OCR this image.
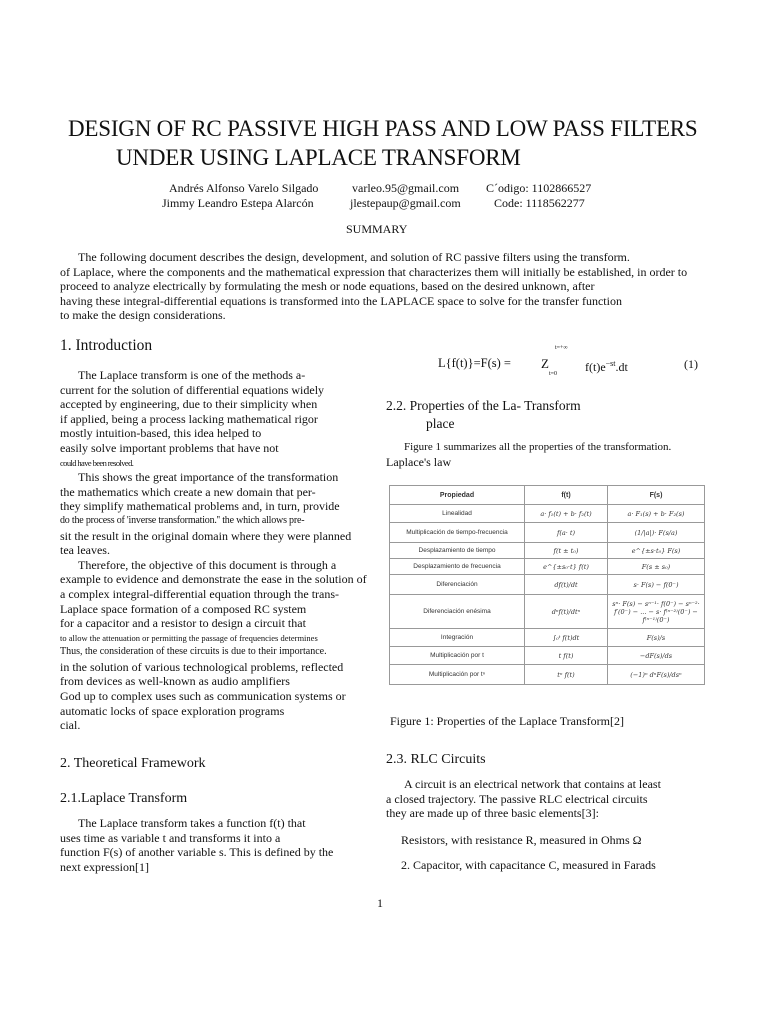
DESIGN OF RC PASSIVE HIGH PASS AND LOW PASS FILTERS
UNDER USING LAPLACE TRANSFORM
Andrés Alfonso Varelo Silgado	varleo.95@gmail.com C´odigo: 1102866527
Jimmy Leandro Estepa Alarcón	jlestepaup@gmail.com	Code: 1118562277
SUMMARY
The following document describes the design, development, and solution of RC passive filters using the transform.
of Laplace, where the components and the mathematical expression that characterizes them will initially be established, in order to
proceed to analyze electrically by formulating the mesh or node equations, based on the desired unknown, after
having these integral-differential equations is transformed into the LAPLACE space to solve for the transfer function
to make the design considerations.
1. Introduction
The Laplace transform is one of the methods a-
current for the solution of differential equations widely
accepted by engineering, due to their simplicity when
if applied, being a process lacking mathematical rigor
mostly intuition-based, this idea helped to
easily solve important problems that have not
could have been resolved.
This shows the great importance of the transformation
the mathematics which create a new domain that per-
they simplify mathematical problems and, in turn, provide
do the process of 'inverse transformation.'' the which allows pre-
sit the result in the original domain where they were planned
tea leaves.
Therefore, the objective of this document is through a
example to evidence and demonstrate the ease in the solution of
a complex integral-differential equation through the trans-
Laplace space formation of a composed RC system
for a capacitor and a resistor to design a circuit that
to allow the attenuation or permitting the passage of frequencies determines
Thus, the consideration of these circuits is due to their importance.
in the solution of various technological problems, reflected
from devices as well-known as audio amplifiers
God up to complex uses such as communication systems or
automatic locks of space exploration programs
cial.
2. Theoretical Framework
2.1.Laplace Transform
The Laplace transform takes a function f(t) that
uses time as variable t and transforms it into a
function F(s) of another variable s. This is defined by the
next expression[1]
L{f(t)}=F(s) =
t=+∞
Z
t=0 $f(t)e^{-st}.dt$	(1)
2.2. Properties of the La- Transform
place
Figure 1 summarizes all the properties of the transformation.
Laplace's law
Propiedad	f(t)	F(s)
Linealidad	a· f₁(t) + b· f₂(t)	a· F₁(s) + b· F₂(s)
Multiplicación de tiempo-frecuencia	f(a· t)	(1/|a|)· F(s/a)
Desplazamiento de tiempo	f(t ± t₀)	e^{±s·t₀} F(s)
Desplazamiento de frecuencia	e^{±s₀·t} f(t)	F(s ± s₀)
Diferenciación	df(t)/dt	s· F(s) − f(0⁻)
Diferenciación enésima	dⁿf(t)/dtⁿ	sⁿ· F(s) − sⁿ⁻¹· f(0⁻) − sⁿ⁻²· f′(0⁻) − ... − s· f⁽ⁿ⁻²⁾(0⁻) − f⁽ⁿ⁻¹⁾(0⁻)
Integración	∫₀ᵗ f(t)dt	F(s)/s
Multiplicación por t	t f(t)	−dF(s)/ds
Multiplicación por tⁿ	tⁿ f(t)	(−1)ⁿ dⁿF(s)/dsⁿ
Figure 1: Properties of the Laplace Transform[2]
2.3. RLC Circuits
A circuit is an electrical network that contains at least
a closed trajectory. The passive RLC electrical circuits
they are made up of three basic elements[3]:
Resistors, with resistance R, measured in Ohms Ω
2. Capacitor, with capacitance C, measured in Farads
1
